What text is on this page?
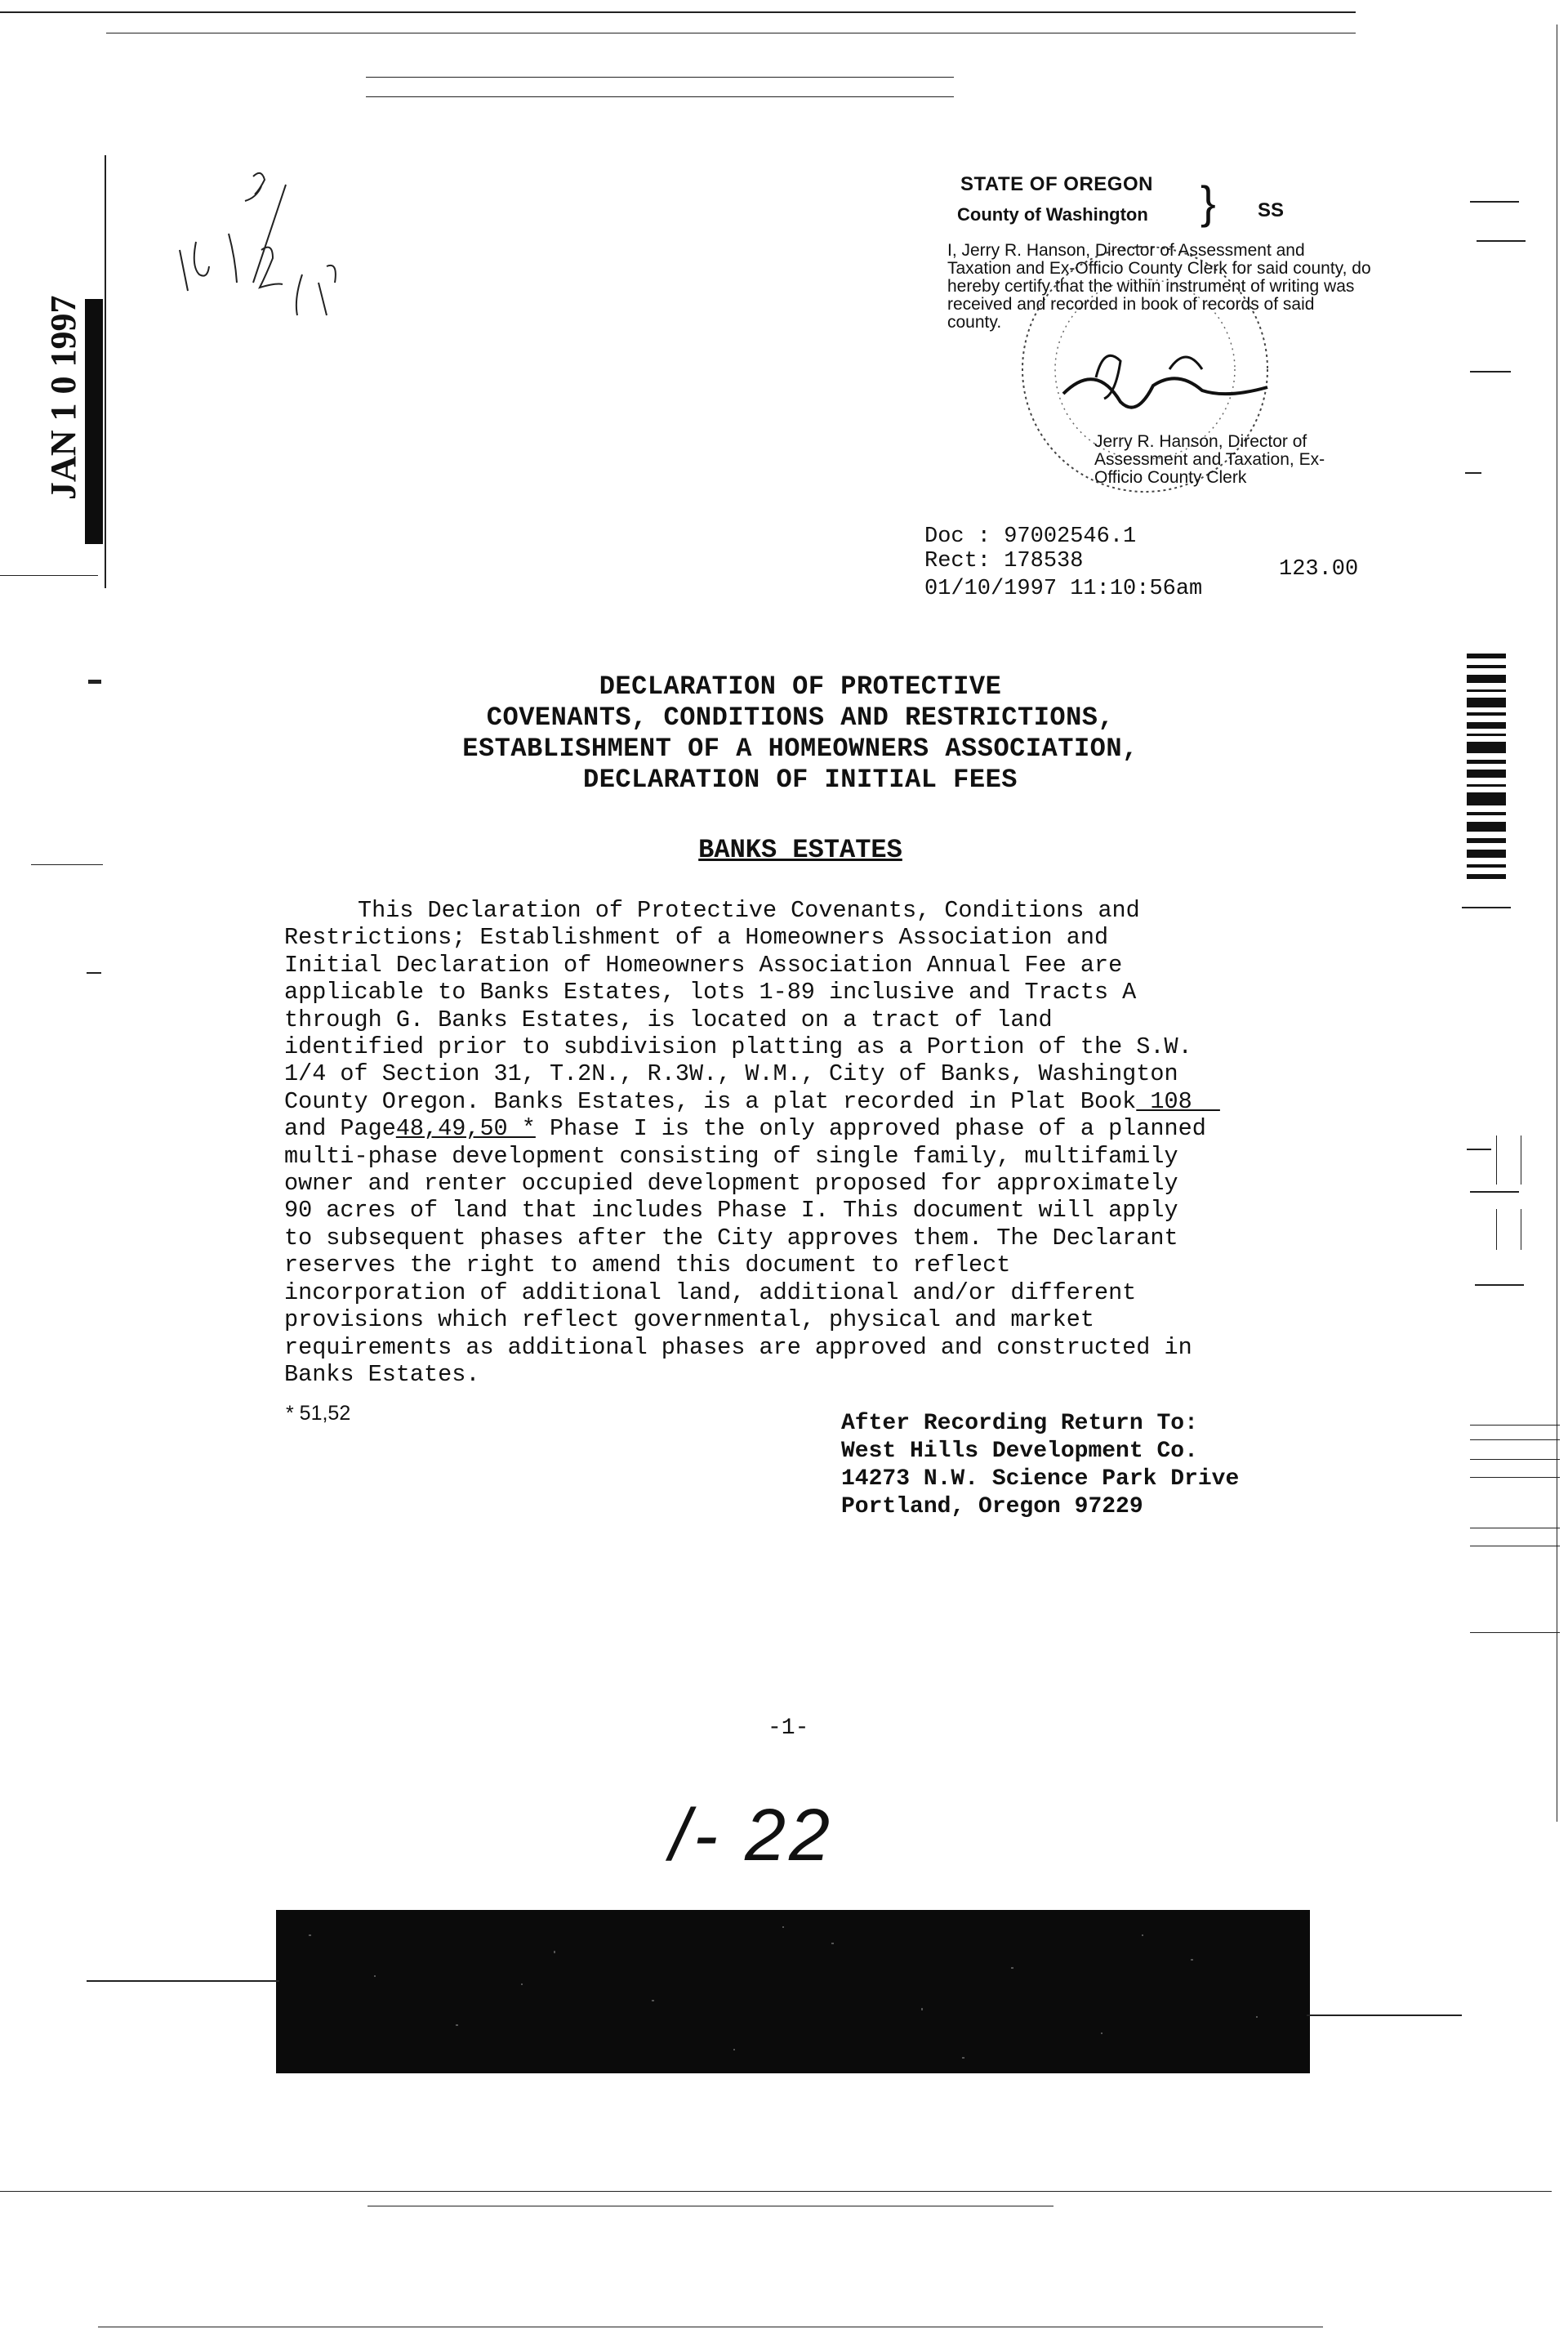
JAN 1 0 1997
STATE OF OREGON
County of Washington } SS
I, Jerry R. Hanson, Director of Assessment and Taxation and Ex-Officio County Clerk for said county, do hereby certify that the within instrument of writing was received and recorded in book of records of said county.
Jerry R. Hanson, Director of Assessment and Taxation, Ex-Officio County Clerk
Doc : 97002546.1
Rect: 178538
01/10/1997 11:10:56am
123.00
DECLARATION OF PROTECTIVE
COVENANTS, CONDITIONS AND RESTRICTIONS,
ESTABLISHMENT OF A HOMEOWNERS ASSOCIATION,
DECLARATION OF INITIAL FEES
BANKS ESTATES
This Declaration of Protective Covenants, Conditions and
Restrictions; Establishment of a Homeowners Association and
Initial Declaration of Homeowners Association Annual Fee are
applicable to Banks Estates, lots 1-89 inclusive and Tracts A
through G. Banks Estates, is located on a tract of land
identified prior to subdivision platting as a Portion of the S.W.
1/4 of Section 31, T.2N., R.3W., W.M., City of Banks, Washington
County Oregon. Banks Estates, is a plat recorded in Plat Book 108
and Page48,49,50 * Phase I is the only approved phase of a planned
multi-phase development consisting of single family, multifamily
owner and renter occupied development proposed for approximately
90 acres of land that includes Phase I. This document will apply
to subsequent phases after the City approves them. The Declarant
reserves the right to amend this document to reflect
incorporation of additional land, additional and/or different
provisions which reflect governmental, physical and market
requirements as additional phases are approved and constructed in
Banks Estates.
* 51,52	After Recording Return To:
West Hills Development Co.
14273 N.W. Science Park Drive
Portland, Oregon 97229
-1-
/- 22
